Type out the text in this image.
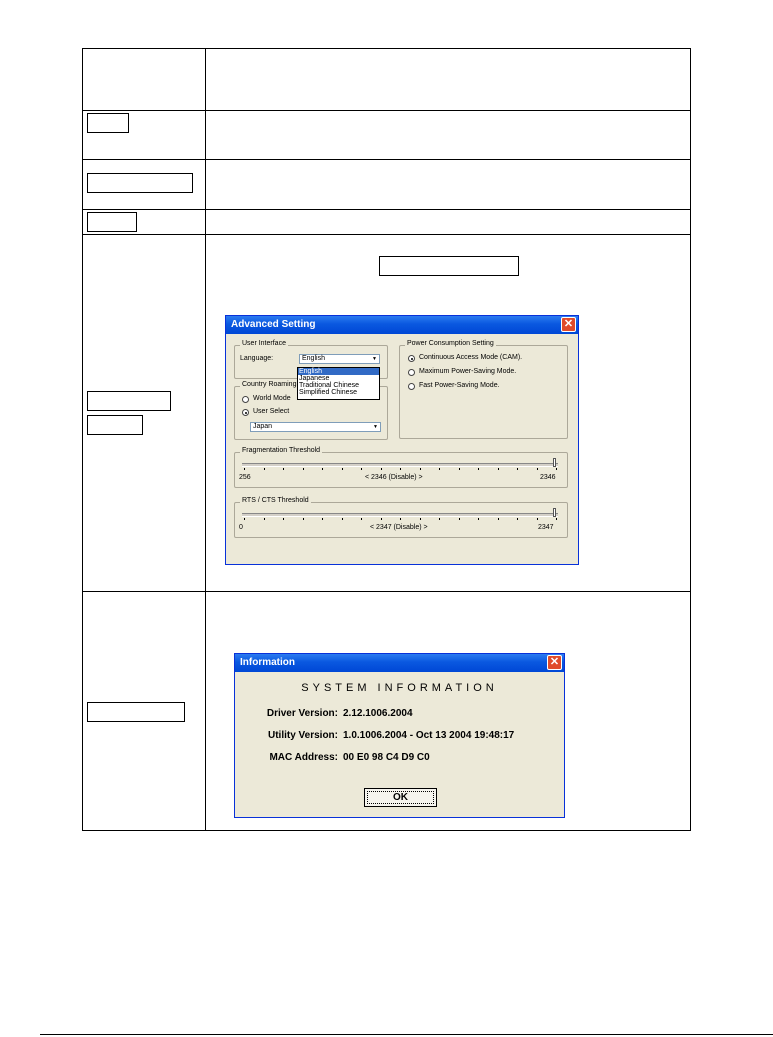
Advanced Setting	✕
User Interface
Language:	English	▼
Country Roaming
World Mode
User Select
Japan	▼
English
Japanese
Traditional Chinese
Simplified Chinese
Power Consumption Setting
Continuous Access Mode (CAM).
Maximum Power-Saving Mode.
Fast Power-Saving Mode.
Fragmentation Threshold
256	< 2346 (Disable) >	2346
RTS / CTS Threshold
0	< 2347 (Disable) >	2347
Information	✕
SYSTEM INFORMATION
Driver Version: 2.12.1006.2004
Utility Version: 1.0.1006.2004 - Oct 13 2004 19:48:17
MAC Address: 00 E0 98 C4 D9 C0
OK
